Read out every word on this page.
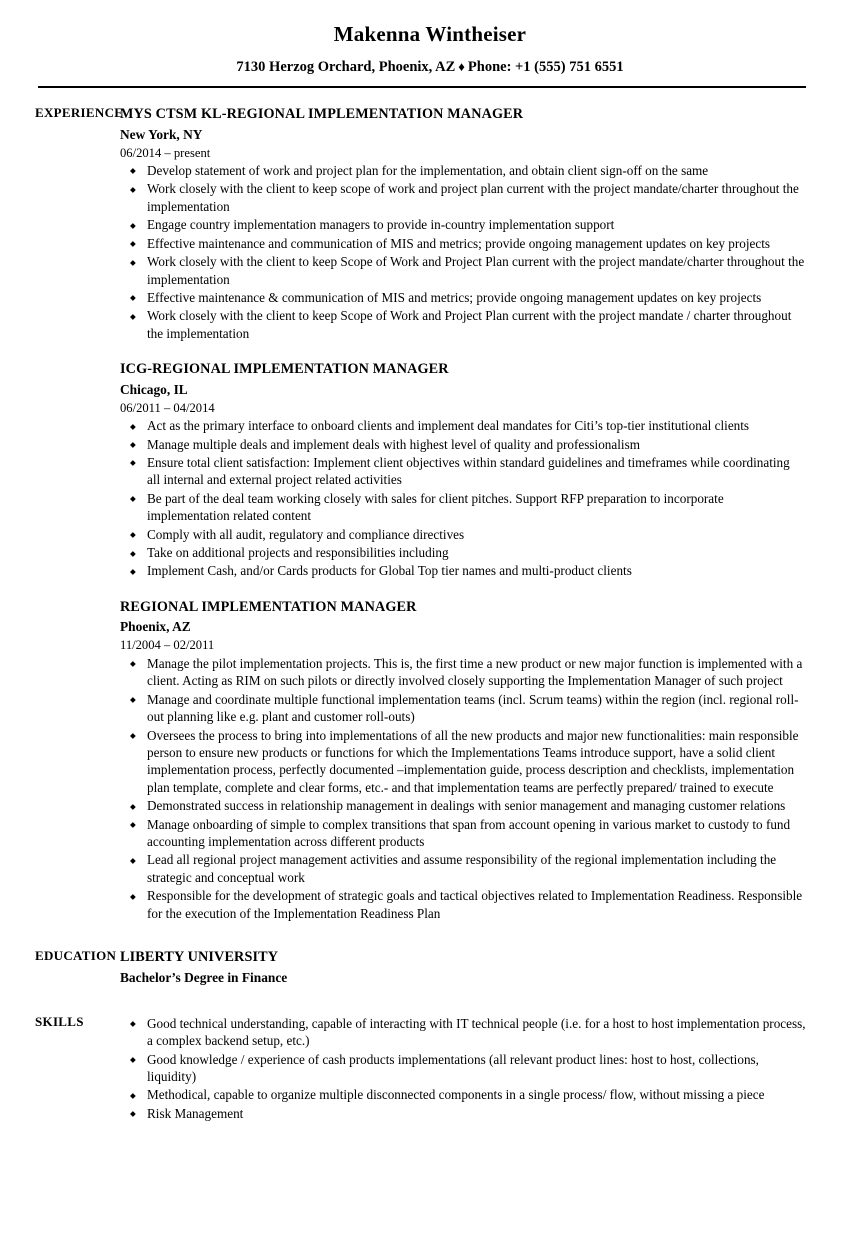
Makenna Wintheiser
7130 Herzog Orchard, Phoenix, AZ ♦ Phone: +1 (555) 751 6551
EXPERIENCE
MYS CTSM KL-REGIONAL IMPLEMENTATION MANAGER
New York, NY
06/2014 – present
◆ Develop statement of work and project plan for the implementation, and obtain client sign-off on the same
◆ Work closely with the client to keep scope of work and project plan current with the project mandate/charter throughout the implementation
◆ Engage country implementation managers to provide in-country implementation support
◆ Effective maintenance and communication of MIS and metrics; provide ongoing management updates on key projects
◆ Work closely with the client to keep Scope of Work and Project Plan current with the project mandate/charter throughout the implementation
◆ Effective maintenance & communication of MIS and metrics; provide ongoing management updates on key projects
◆ Work closely with the client to keep Scope of Work and Project Plan current with the project mandate / charter throughout the implementation
ICG-REGIONAL IMPLEMENTATION MANAGER
Chicago, IL
06/2011 – 04/2014
◆ Act as the primary interface to onboard clients and implement deal mandates for Citi’s top-tier institutional clients
◆ Manage multiple deals and implement deals with highest level of quality and professionalism
◆ Ensure total client satisfaction: Implement client objectives within standard guidelines and timeframes while coordinating all internal and external project related activities
◆ Be part of the deal team working closely with sales for client pitches. Support RFP preparation to incorporate implementation related content
◆ Comply with all audit, regulatory and compliance directives
◆ Take on additional projects and responsibilities including
◆ Implement Cash, and/or Cards products for Global Top tier names and multi-product clients
REGIONAL IMPLEMENTATION MANAGER
Phoenix, AZ
11/2004 – 02/2011
◆ Manage the pilot implementation projects. This is, the first time a new product or new major function is implemented with a client. Acting as RIM on such pilots or directly involved closely supporting the Implementation Manager of such project
◆ Manage and coordinate multiple functional implementation teams (incl. Scrum teams) within the region (incl. regional roll-out planning like e.g. plant and customer roll-outs)
◆ Oversees the process to bring into implementations of all the new products and major new functionalities: main responsible person to ensure new products or functions for which the Implementations Teams introduce support, have a solid client implementation process, perfectly documented –implementation guide, process description and checklists, implementation plan template, complete and clear forms, etc.- and that implementation teams are perfectly prepared/ trained to execute
◆ Demonstrated success in relationship management in dealings with senior management and managing customer relations
◆ Manage onboarding of simple to complex transitions that span from account opening in various market to custody to fund accounting implementation across different products
◆ Lead all regional project management activities and assume responsibility of the regional implementation including the strategic and conceptual work
◆ Responsible for the development of strategic goals and tactical objectives related to Implementation Readiness. Responsible for the execution of the Implementation Readiness Plan
EDUCATION LIBERTY UNIVERSITY
Bachelor’s Degree in Finance
SKILLS	◆ Good technical understanding, capable of interacting with IT technical people (i.e. for a host to host implementation process, a complex backend setup, etc.)
◆ Good knowledge / experience of cash products implementations (all relevant product lines: host to host, collections, liquidity)
◆ Methodical, capable to organize multiple disconnected components in a single process/ flow, without missing a piece
◆ Risk Management
